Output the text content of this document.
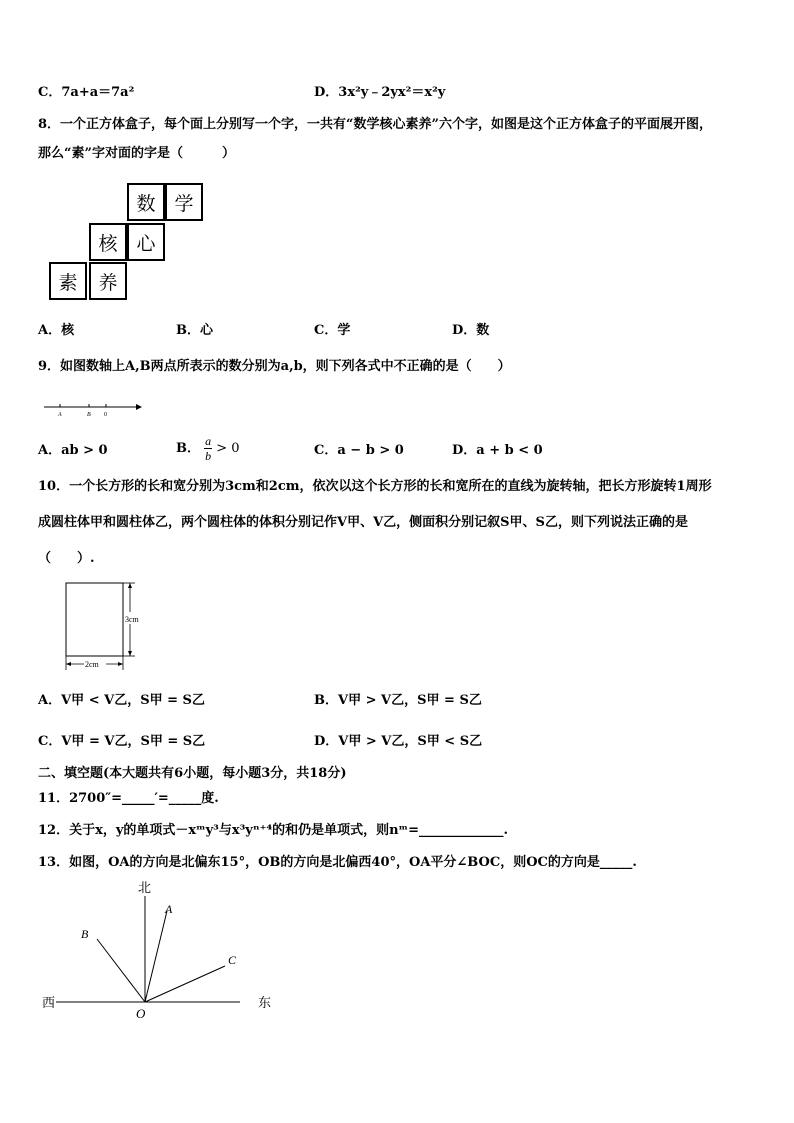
C．7a+a＝7a²	D．3x²y﹣2yx²＝x²y
8．一个正方体盒子，每个面上分别写一个字，一共有“数学核心素养”六个字，如图是这个正方体盒子的平面展开图，
那么“素”字对面的字是（　　　）
数 学
核 心
素	养
A．核	B．心	C．学	D．数
9．如图数轴上A,B两点所表示的数分别为a,b，则下列各式中不正确的是（　　）
A	B 0
A．ab > 0	B． $\frac{a}{b} > 0$	C．a − b > 0	D．a + b < 0
10．一个长方形的长和宽分别为3cm和2cm，依次以这个长方形的长和宽所在的直线为旋转轴，把长方形旋转1周形
成圆柱体甲和圆柱体乙，两个圆柱体的体积分别记作V甲、V乙，侧面积分别记叙S甲、S乙，则下列说法正确的是
（　　）.
3cm
2cm
A．V甲 < V乙，S甲 = S乙	B．V甲 > V乙，S甲 = S乙
C．V甲 = V乙，S甲 = S乙	D．V甲 > V乙，S甲 < S乙
二、填空题(本大题共有6小题，每小题3分，共18分)
11．2700″=_____′=_____度.
12．关于x，y的单项式－xᵐy³与x³yⁿ⁺⁴的和仍是单项式，则nᵐ=_____________.
13．如图，OA的方向是北偏东15°，OB的方向是北偏西40°，OA平分∠BOC，则OC的方向是_____.
北
西	东
O
A
B
C
